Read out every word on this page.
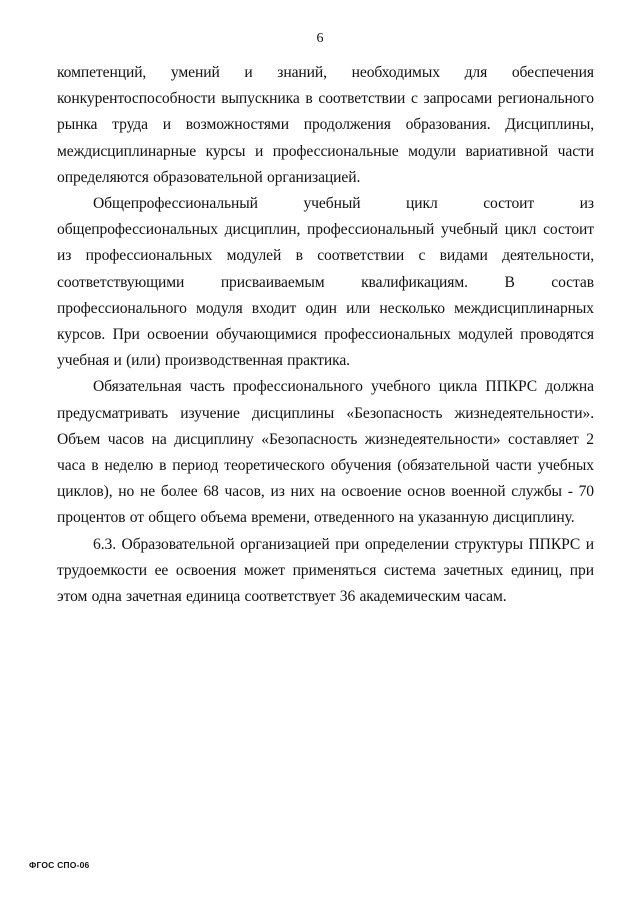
6

компетенций, умений и знаний, необходимых для обеспечения конкурентоспособности выпускника в соответствии с запросами регионального рынка труда и возможностями продолжения образования. Дисциплины, междисциплинарные курсы и профессиональные модули вариативной части определяются образовательной организацией.

Общепрофессиональный учебный цикл состоит из общепрофессиональных дисциплин, профессиональный учебный цикл состоит из профессиональных модулей в соответствии с видами деятельности, соответствующими присваиваемым квалификациям. В состав профессионального модуля входит один или несколько междисциплинарных курсов. При освоении обучающимися профессиональных модулей проводятся учебная и (или) производственная практика.

Обязательная часть профессионального учебного цикла ППКРС должна предусматривать изучение дисциплины «Безопасность жизнедеятельности». Объем часов на дисциплину «Безопасность жизнедеятельности» составляет 2 часа в неделю в период теоретического обучения (обязательной части учебных циклов), но не более 68 часов, из них на освоение основ военной службы - 70 процентов от общего объема времени, отведенного на указанную дисциплину.

6.3. Образовательной организацией при определении структуры ППКРС и трудоемкости ее освоения может применяться система зачетных единиц, при этом одна зачетная единица соответствует 36 академическим часам.

ФГОС СПО-06
